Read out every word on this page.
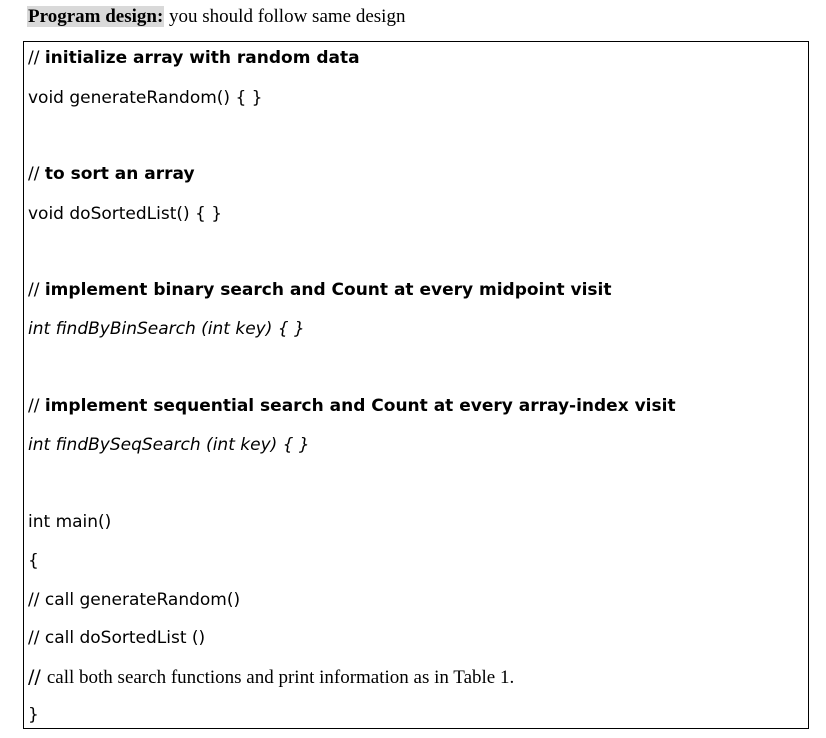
Program design: you should follow same design
// initialize array with random data
void generateRandom() { }
// to sort an array
void doSortedList() { }
// implement binary search and Count at every midpoint visit
int findByBinSearch (int key) { }
// implement sequential search and Count at every array-index visit
int findBySeqSearch (int key) { }
int main()
{
// call generateRandom()
// call doSortedList ()
// call both search functions and print information as in Table 1.
}
